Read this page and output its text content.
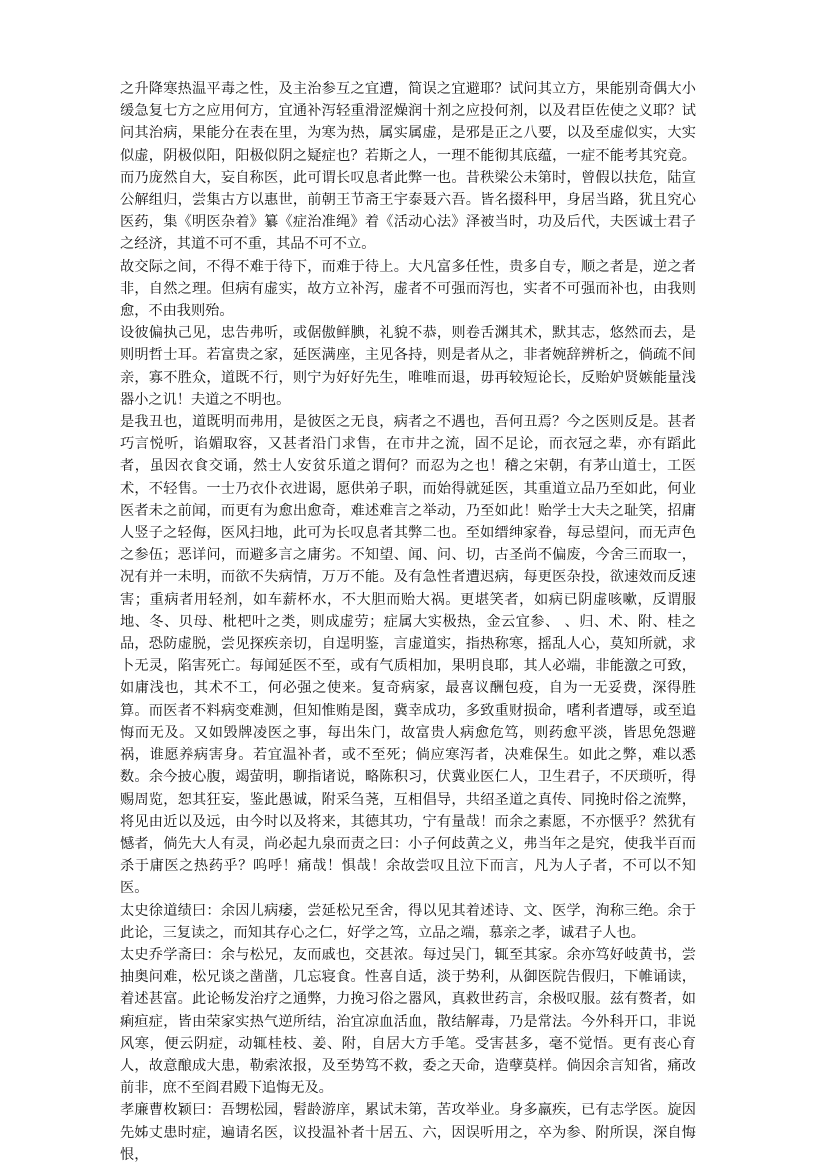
之升降寒热温平毒之性，及主治参互之宜遭，简误之宜避耶？试问其立方，果能别奇偶大小缓急复七方之应用何方，宜通补泻轻重滑涩燥润十剂之应投何剂，以及君臣佐使之义耶？试问其治病，果能分在表在里，为寒为热，属实属虚，是邪是正之八要，以及至虚似实，大实似虚，阴极似阳，阳极似阴之疑症也？若斯之人，一理不能彻其底蕴，一症不能考其究竟。而乃庞然自大，妄自称医，此可谓长叹息者此弊一也。昔秩梁公未第时，曾假以扶危，陆宣公解组归，尝集古方以惠世，前朝王节斋王宇泰聂六吾。皆名掇科甲，身居当路，犹且究心医药，集《明医杂着》纂《症治准绳》着《活动心法》泽被当时，功及后代，夫医诚士君子之经济，其道不可不重，其品不可不立。

故交际之间，不得不难于待下，而难于待上。大凡富多任性，贵多自专，顺之者是，逆之者非，自然之理。但病有虚实，故方立补泻，虚者不可强而泻也，实者不可强而补也，由我则愈，不由我则殆。

设彼偏执己见，忠告弗听，或倨傲鲜腆，礼貌不恭，则卷舌渊其术，默其志，悠然而去，是则明哲士耳。若富贵之家，延医满座，主见各持，则是者从之，非者婉辞辨析之，倘疏不间亲，寡不胜众，道既不行，则宁为好好先生，唯唯而退，毋再较短论长，反贻妒贤嫉能量浅器小之讥！夫道之不明也。

是我丑也，道既明而弗用，是彼医之无良，病者之不遇也，吾何丑焉？今之医则反是。甚者巧言悦听，谄媚取容，又甚者沿门求售，在市井之流，固不足论，而衣冠之辈，亦有蹈此者，虽因衣食交诵，然士人安贫乐道之谓何？而忍为之也！稽之宋朝，有茅山道士，工医术，不轻售。一士乃衣仆衣进谒，愿供弟子职，而始得就延医，其重道立品乃至如此，何业医者未之前闻，而更有为愈出愈奇，难述难言之举动，乃至如此！贻学士大夫之耻笑，招庸人竖子之轻侮，医风扫地，此可为长叹息者其弊二也。至如缙绅家眷，每忌望问，而无声色之参伍；恶详问，而避多言之庸劣。不知望、闻、问、切，古圣尚不偏废，今舍三而取一，况有并一未明，而欲不失病情，万万不能。及有急性者遭迟病，每更医杂投，欲速效而反速害；重病者用轻剂，如车薪杯水，不大胆而贻大祸。更堪笑者，如病已阴虚咳嗽，反谓服地、冬、贝母、枇杷叶之类，则成虚劳；症属大实极热，金云宜参、 、归、术、附、桂之品，恐防虚脱，尝见探疾亲切，自逞明鉴，言虚道实，指热称寒，摇乱人心，莫知所就，求卜无灵，陷害死亡。每闻延医不至，或有气质相加，果明良耶，其人必端，非能激之可致，如庸浅也，其术不工，何必强之使来。复奇病家，最喜议酬包疫，自为一无妥费，深得胜算。而医者不料病变难测，但知惟贿是图，冀幸成功，多致重财损命，嗜利者遭辱，或至追悔而无及。又如毁牌凌医之事，每出朱门，故富贵人病愈危笃，则药愈平淡，皆思免怨避祸，谁愿养病害身。若宜温补者，或不至死；倘应寒泻者，决难保生。如此之弊，难以悉数。余今披心腹，竭萤明，聊指诸说，略陈积习，伏冀业医仁人，卫生君子，不厌琐听，得赐周览，恕其狂妄，鉴此愚诚，附采刍荛，互相倡导，共绍圣道之真传、同挽时俗之流弊，将见由近以及远，由今时以及将来，其德其功，宁有量哉！而余之素愿，不亦惬乎？然犹有憾者，倘先大人有灵，尚必起九泉而责之曰：小子何歧黄之义，弗当年之是究，使我半百而杀于庸医之热药乎？呜呼！痛哉！惧哉！余故尝叹且泣下而言，凡为人子者，不可以不知医。

太史徐道绩曰：余因儿病痿，尝延松兄至舍，得以见其着述诗、文、医学，洵称三绝。余于此论，三复读之，而知其存心之仁，好学之笃，立品之端，慕亲之孝，诚君子人也。

太史乔学斋曰：余与松兄，友而戚也，交甚浓。每过吴门，辄至其家。余亦笃好岐黄书，尝抽奥问难，松兄谈之凿凿，几忘寝食。性喜自适，淡于势利，从御医院告假归，下帷诵读，着述甚富。此论畅发治疗之通弊，力挽习俗之嚣风，真救世药言，余极叹服。兹有赘者，如痢疸症，皆由荣家实热气逆所结，治宜凉血活血，散结解毒，乃是常法。今外科开口，非说风寒，便云阴症，动辄桂枝、姜、附，自居大方手笔。受害甚多，毫不觉悟。更有丧心育人，故意酿成大患，勒索浓报，及至势笃不救，委之天命，造孽莫样。倘因余言知省，痛改前非，庶不至阎君殿下追悔无及。

孝廉曹枚颖曰：吾甥松园，髫龄游庠，累试未第，苦攻举业。身多羸疾，已有志学医。旋因先姊丈患时症，遍请名医，议投温补者十居五、六，因误听用之，卒为参、附所误，深自悔恨，
